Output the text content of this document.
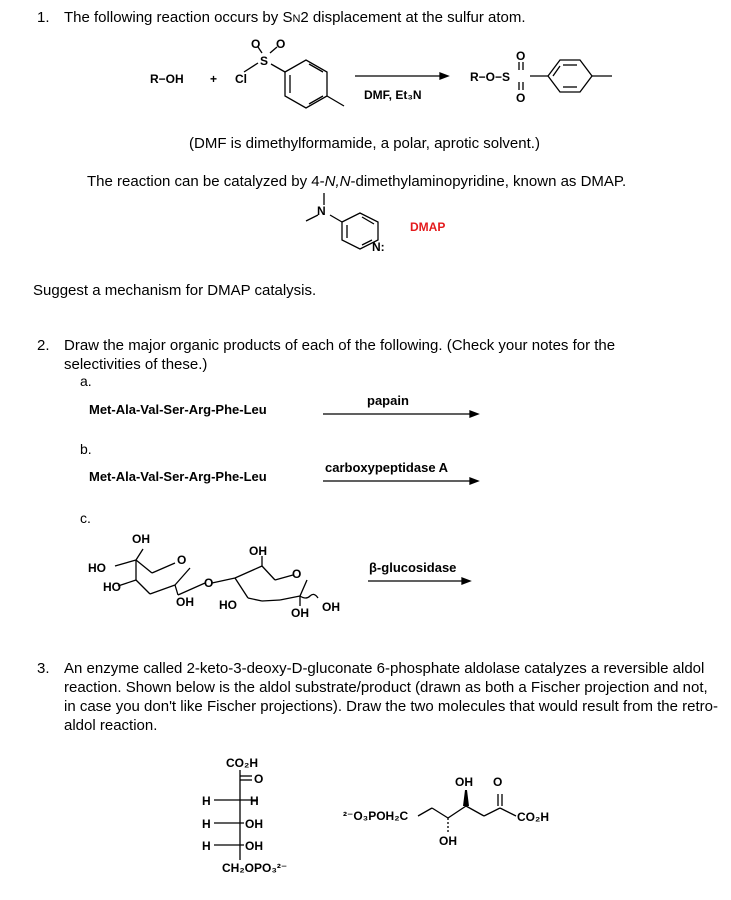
1. The following reaction occurs by SN2 displacement at the sulfur atom.
R−OH + Cl
S
O O
DMF, Et₃N
R−O−S
O
O
N
N:
DMAP
OH
HO
HO
O
OH
O
OH
O
HO
OH OH
CO₂H
O
H	H
H	OH
H	OH
CH₂OPO₃²⁻
²⁻O₃POH₂C
OH O
OH
CO₂H
(DMF is dimethylformamide, a polar, aprotic solvent.)
The reaction can be catalyzed by 4-N,N-dimethylaminopyridine, known as DMAP.
Suggest a mechanism for DMAP catalysis.
2. Draw the major organic products of each of the following. (Check your notes for the selectivities of these.)
a.
Met-Ala-Val-Ser-Arg-Phe-Leu
papain
b.
Met-Ala-Val-Ser-Arg-Phe-Leu
carboxypeptidase A
c.
β-glucosidase
3. An enzyme called 2-keto-3-deoxy-D-gluconate 6-phosphate aldolase catalyzes a reversible aldol reaction. Shown below is the aldol substrate/product (drawn as both a Fischer projection and not, in case you don't like Fischer projections). Draw the two molecules that would result from the retro-aldol reaction.
